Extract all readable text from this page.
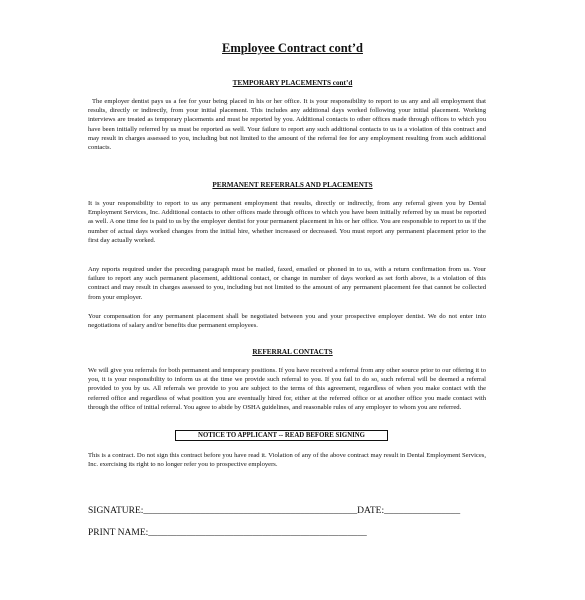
Employee Contract cont’d
TEMPORARY PLACEMENTS cont’d

The employer dentist pays us a fee for your being placed in his or her office. It is your responsibility to report to us any and all employment that results, directly or indirectly, from your initial placement. This includes any additional days worked following your initial placement. Working interviews are treated as temporary placements and must be reported by you. Additional contacts to other offices made through offices to which you have been initially referred by us must be reported as well. Your failure to report any such additional contacts to us is a violation of this contract and may result in charges assessed to you, including but not limited to the amount of the referral fee for any employment resulting from such additional contacts.

PERMANENT REFERRALS AND PLACEMENTS

It is your responsibility to report to us any permanent employment that results, directly or indirectly, from any referral given you by Dental Employment Services, Inc. Additional contacts to other offices made through offices to which you have been initially referred by us must be reported as well. A one time fee is paid to us by the employer dentist for your permanent placement in his or her office. You are responsible to report to us if the number of actual days worked changes from the initial hire, whether increased or decreased. You must report any permanent placement prior to the first day actually worked.

Any reports required under the preceding paragraph must be mailed, faxed, emailed or phoned in to us, with a return confirmation from us. Your failure to report any such permanent placement, additional contact, or change in number of days worked as set forth above, is a violation of this contract and may result in charges assessed to you, including but not limited to the amount of any permanent placement fee that cannot be collected from your employer.

Your compensation for any permanent placement shall be negotiated between you and your prospective employer dentist. We do not enter into negotiations of salary and/or benefits due permanent employees.

REFERRAL CONTACTS

We will give you referrals for both permanent and temporary positions. If you have received a referral from any other source prior to our offering it to you, it is your responsibility to inform us at the time we provide such referral to you. If you fail to do so, such referral will be deemed a referral provided to you by us. All referrals we provide to you are subject to the terms of this agreement, regardless of when you make contact with the referred office and regardless of what position you are eventually hired for, either at the referred office or at another office you made contact with through the office of initial referral. You agree to abide by OSHA guidelines, and reasonable rules of any employer to whom you are referred.

NOTICE TO APPLICANT -- READ BEFORE SIGNING

This is a contract. Do not sign this contract before you have read it. Violation of any of the above contract may result in Dental Employment Services, Inc. exercising its right to no longer refer you to prospective employers.

SIGNATURE:_____________________________________________DATE:________________
PRINT NAME:______________________________________________
